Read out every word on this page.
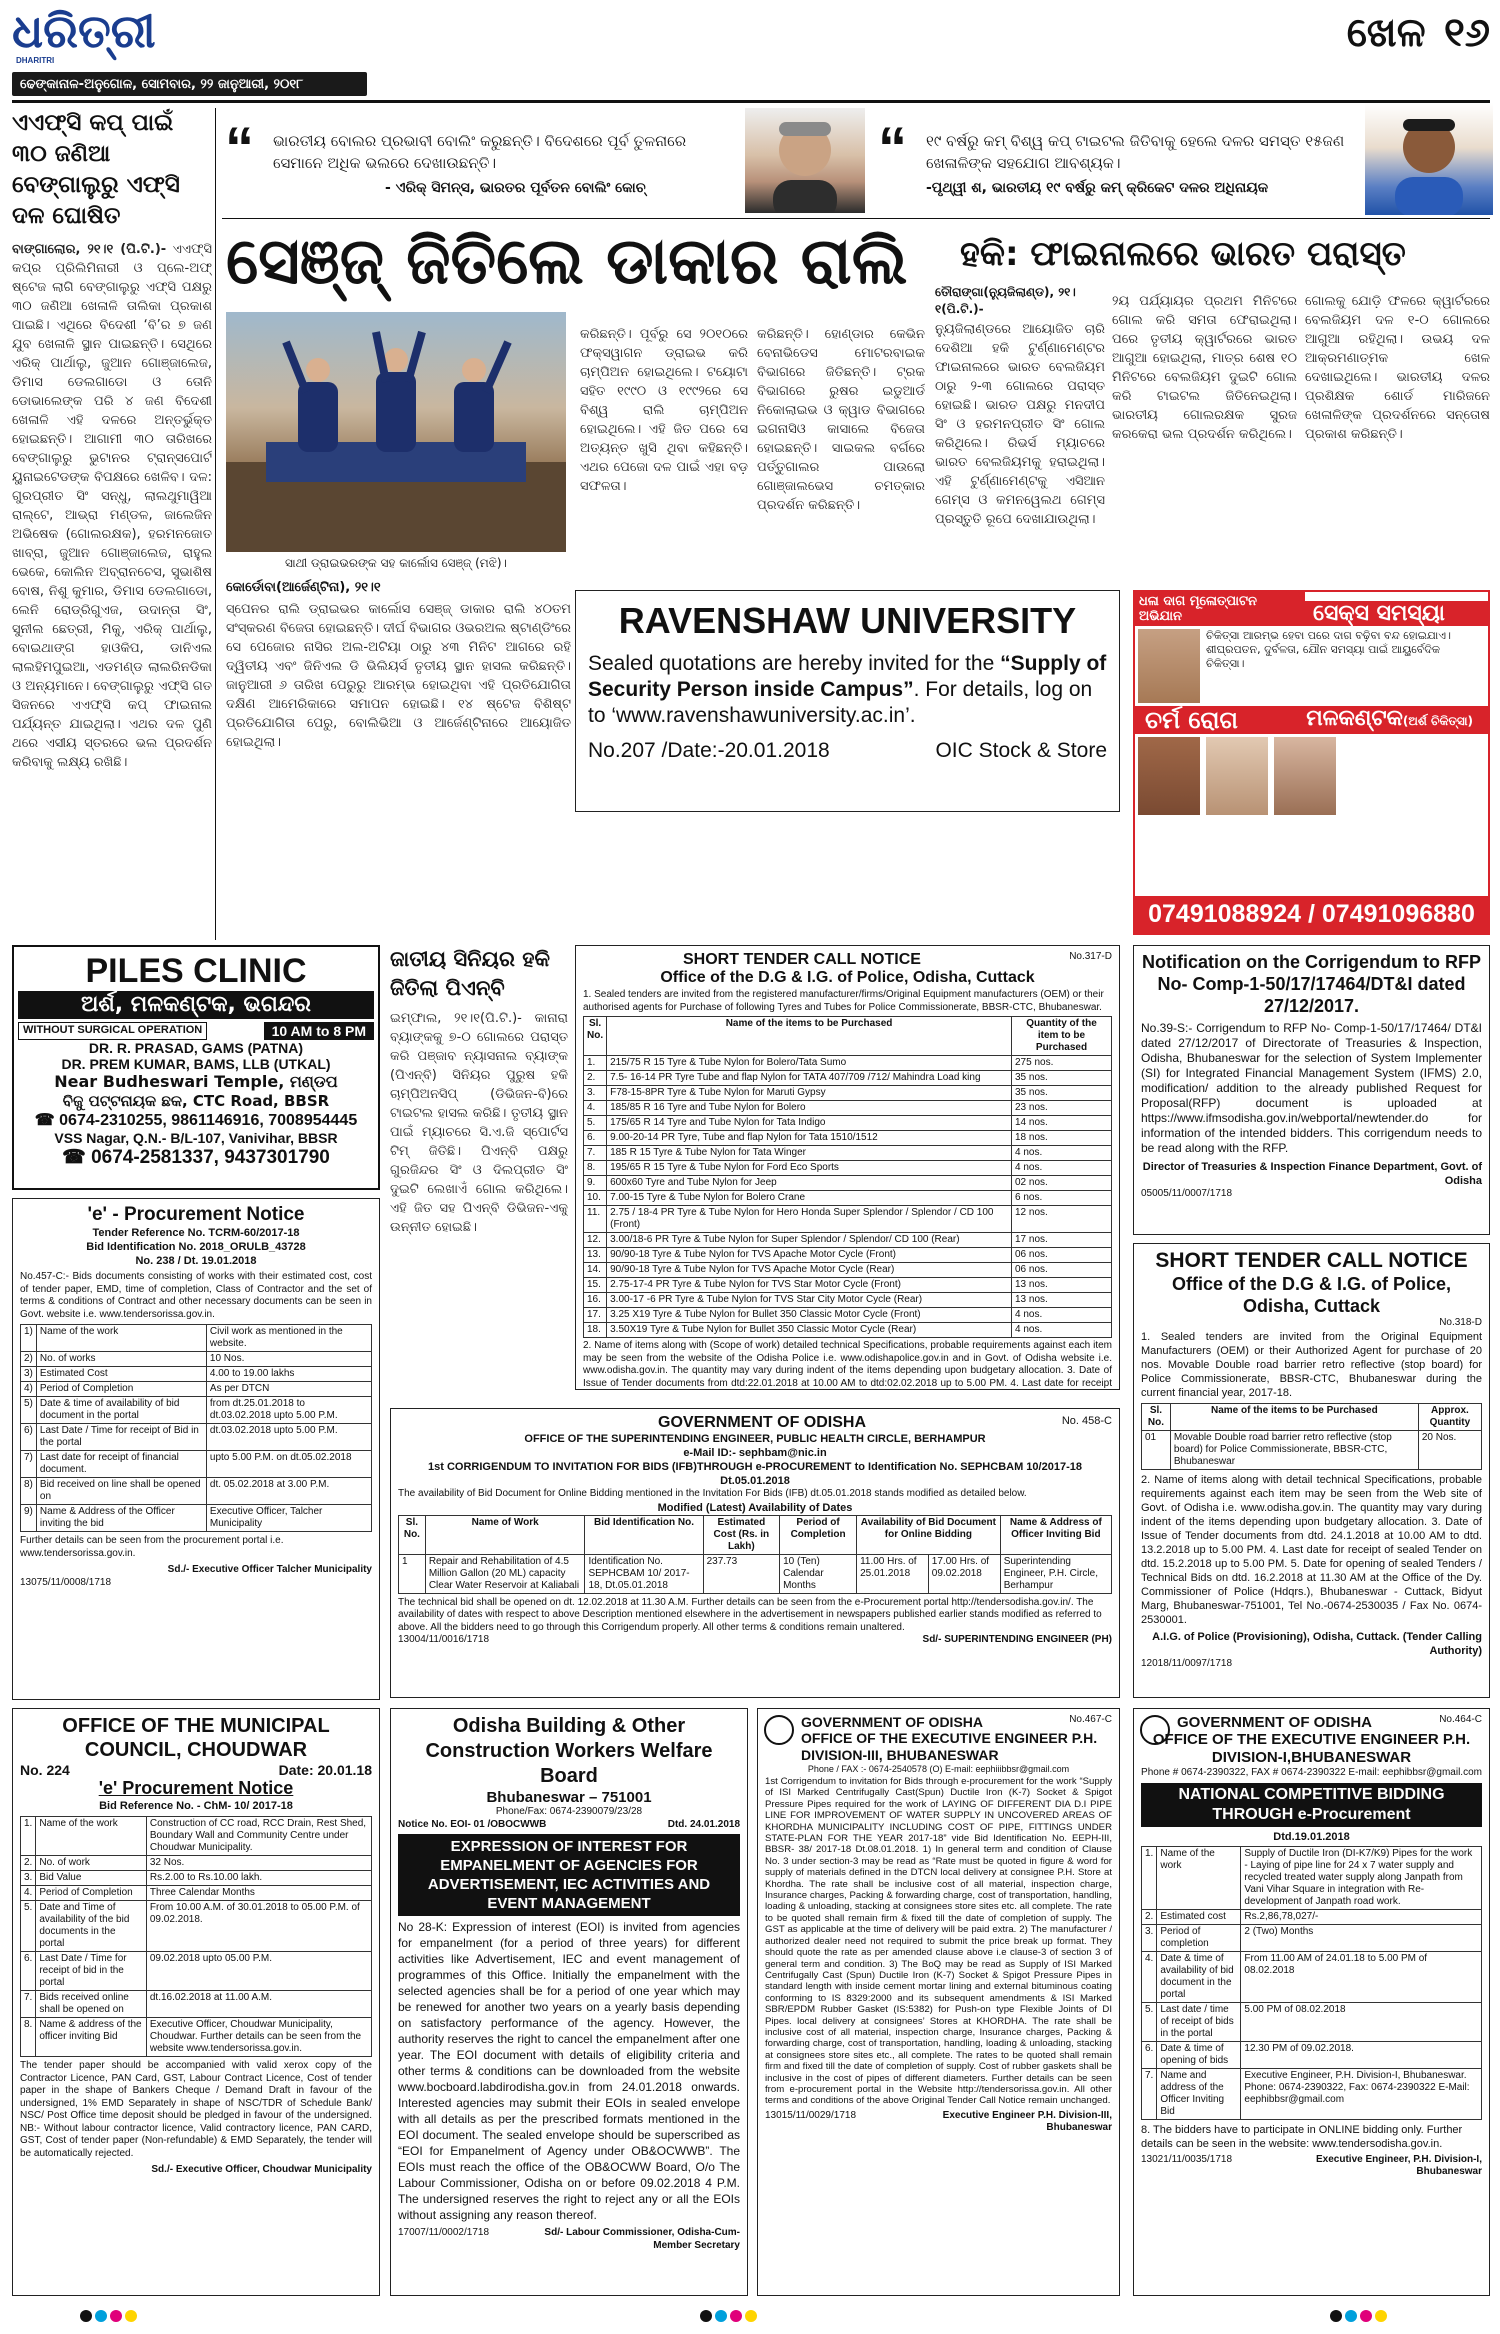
ଧରିତ୍ରୀ
DHARITRI
ଢେଙ୍କାନାଳ-ଅନୁଗୋଳ, ସୋମବାର, ୨୨ ଜାନୁଆରୀ, ୨୦୧୮
ଖେଳ ୧୬
“ ଭାରତୀୟ ବୋଲର ପ୍ରଭାବୀ ବୋଲିଂ କରୁଛନ୍ତି। ବିଦେଶରେ ପୂର୍ବ ତୁଳନାରେ ସେମାନେ ଅଧିକ ଭଲରେ ଦେଖାଉଛନ୍ତି।
- ଏରିକ୍ ସିମନ୍ସ, ଭାରତର ପୂର୍ବତନ ବୋଲିଂ କୋଚ୍
“ ୧୯ ବର୍ଷରୁ କମ୍ ବିଶ୍ୱ କପ୍ ଟାଇଟଲ ଜିତିବାକୁ ହେଲେ ଦଳର ସମସ୍ତ ୧୫ଜଣ ଖେଳାଳିଙ୍କ ସହଯୋଗ ଆବଶ୍ୟକ।
-ପୃଥ୍ୱୀ ଶ, ଭାରତୀୟ ୧୯ ବର୍ଷରୁ କମ୍ କ୍ରିକେଟ ଦଳର ଅଧିନାୟକ
ଏଏଫ୍‌ସି କପ୍ ପାଇଁ ୩୦ ଜଣିଆ ବେଙ୍ଗାଲୁରୁ ଏଫ୍‌ସି ଦଳ ଘୋଷିତ
ବାଙ୍ଗାଲୋର, ୨୧।୧ (ପି.ଟି.)- ଏଏଫ୍‌ସି କପ୍ର ପ୍ରିଲିମିନାରୀ ଓ ପ୍ଲେ-ଅଫ୍ ଷ୍ଟେଜ ଲାଗି ବେଙ୍ଗାଲୁରୁ ଏଫ୍‌ସି ପକ୍ଷରୁ ୩୦ ଜଣିଆ ଖେଳାଳି ତାଲିକା ପ୍ରକାଶ ପାଇଛି। ଏଥିରେ ବିଦେଶୀ ‘ବି’ର ୭ ଜଣ ଯୁବ ଖେଳାଳି ସ୍ଥାନ ପାଇଛନ୍ତି। ସେଥିରେ ଏରିକ୍ ପାର୍ଥାଲୁ, ଜୁଆନ ଗୋଞ୍ଜାଲେଜ, ଡିମାସ ଡେଲଗାଡୋ ଓ ତୋନି ଡୋଭାଲେଙ୍କ ପରି ୪ ଜଣ ବିଦେଶୀ ଖେଳାଳି ଏହି ଦଳରେ ଅନ୍ତର୍ଭୁକ୍ତ ହୋଇଛନ୍ତି। ଆଗାମୀ ୩୦ ତାରିଖରେ ବେଙ୍ଗାଲୁରୁ ଭୁଟାନର ଟ୍ରାନ୍ସପୋର୍ଟ ୟୁନାଇଟେଡଙ୍କ ବିପକ୍ଷରେ ଖେଳିବ। ଦଳ: ଗୁରପ୍ରୀତ ସିଂ ସନ୍ଧୁ, ଲାଲଥୁମାୱିଆ ରାଲ୍ଟେ, ଆଭ୍ରା ମଣ୍ଡଳ, ଜାଲେଜିନ ଅଭିଷେକ (ଗୋଲରକ୍ଷକ), ହରମନଜୋତ ଖାବ୍ରା, ଜୁଆନ ଗୋଞ୍ଜାଲେଜ, ରାହୁଲ ଭେକେ, କୋଲିନ ଅବ୍ରାନଚେସ, ସୁଭାଶିଷ ବୋଷ, ନିଶୁ କୁମାର, ଡିମାସ ଡେଲଗାଡୋ, ଲେନି ରୋଡ୍ରିଗୁଏଜ, ଉଦାନ୍ତା ସିଂ, ସୁନୀଲ ଛେତ୍ରୀ, ମିକୁ, ଏରିକ୍ ପାର୍ଥାଲୁ, ବୋଇଥାଙ୍ଗ ହାଓକିପ, ଡାନିଏଲ ଲାଲହିମପୁଇଆ, ଏଡମଣ୍ଡ ଲାଲରିନଡିକା ଓ ଅନ୍ୟମାନେ। ବେଙ୍ଗାଲୁରୁ ଏଫ୍‌ସି ଗତ ସିଜନରେ ଏଏଫ୍‌ସି କପ୍ ଫାଇନାଲ ପର୍ଯ୍ୟନ୍ତ ଯାଇଥିଲା। ଏଥର ଦଳ ପୁଣି ଥରେ ଏସୀୟ ସ୍ତରରେ ଭଲ ପ୍ରଦର୍ଶନ କରିବାକୁ ଲକ୍ଷ୍ୟ ରଖିଛି।
ସେଞ୍ଜ୍ ଜିତିଲେ ଡାକାର ରାଲି
ସାଥୀ ଡ୍ରାଇଭରଙ୍କ ସହ କାର୍ଲୋସ ସେଞ୍ଜ୍ (ମଝି)।
କୋର୍ଡୋବା(ଆର୍ଜେଣ୍ଟିନା), ୨୧।୧
ସ୍ପେନର ରାଲି ଡ୍ରାଇଭର କାର୍ଲୋସ ସେଞ୍ଜ୍ ଡାକାର ରାଲି ୪୦ତମ ସଂସ୍କରଣ ବିଜେତା ହୋଇଛନ୍ତି। ଦୀର୍ଘ ବିଭାଗର ଓଭରଅଲ ଷ୍ଟାଣ୍ଡିଂରେ ସେ ପେଜୋର ନାସିର ଅଲ-ଅଟିୟା ଠାରୁ ୪୩ ମିନିଟ ଆଗରେ ରହି ଦ୍ୱିତୀୟ ଏବଂ ଜିନିଏଲ ଡି ଭିଲିୟର୍ସ ତୃତୀୟ ସ୍ଥାନ ହାସଲ କରିଛନ୍ତି। ଜାନୁଆରୀ ୬ ତାରିଖ ପେରୁରୁ ଆରମ୍ଭ ହୋଇଥିବା ଏହି ପ୍ରତିଯୋଗିତା ଦକ୍ଷିଣ ଆମେରିକାରେ ସମାପନ ହୋଇଛି। ୧୪ ଷ୍ଟେଜ ବିଶିଷ୍ଟ ପ୍ରତିଯୋଗିତା ପେରୁ, ବୋଲିଭିଆ ଓ ଆର୍ଜେଣ୍ଟିନାରେ ଆୟୋଜିତ ହୋଇଥିଲା।
କରିଛନ୍ତି। ପୂର୍ବରୁ ସେ ୨୦୧୦ରେ ଫକ୍ସୱାଗନ ଡ୍ରାଇଭ କରି ଚାମ୍ପିଅନ ହୋଇଥିଲେ। ଟୟୋଟା ସହିତ ୧୯୯୦ ଓ ୧୯୯୨ରେ ସେ ବିଶ୍ୱ ରାଲି ଚାମ୍ପିଅନ ହୋଇଥିଲେ। ଏହି ଜିତ ପରେ ସେ ଅତ୍ୟନ୍ତ ଖୁସି ଥିବା କହିଛନ୍ତି। ଏଥର ପେଜୋ ଦଳ ପାଇଁ ଏହା ବଡ଼ ସଫଳତା।
କରିଛନ୍ତି। ହୋଣ୍ଡାର କେଭିନ ବେନାଭିଡେସ ମୋଟରବାଇକ ବିଭାଗରେ ଜିତିଛନ୍ତି। ଟ୍ରକ ବିଭାଗରେ ରୁଷର ଇଡୁଆର୍ଡ ନିକୋଲାଇଭ ଓ କ୍ୱାଡ ବିଭାଗରେ ଇଗନାସିଓ କାସାଲେ ବିଜେତା ହୋଇଛନ୍ତି। ସାଇକଲ ବର୍ଗରେ ପର୍ତ୍ତୁଗାଲର ପାଉଲୋ ଗୋଞ୍ଜାଲଭେସ ଚମତ୍କାର ପ୍ରଦର୍ଶନ କରିଛନ୍ତି।
ହକି: ଫାଇନାଲରେ ଭାରତ ପରାସ୍ତ
ତୌରାଙ୍ଗା(ନ୍ୟୁଜିଲାଣ୍ଡ), ୨୧।୧(ପି.ଟି.)-
ନ୍ୟୁଜିଲାଣ୍ଡରେ ଆୟୋଜିତ ଚାରି ଦେଶିଆ ହକି ଟୁର୍ଣ୍ଣାମେଣ୍ଟର ଫାଇନାଲରେ ଭାରତ ବେଲଜିୟମ ଠାରୁ ୨-୩ ଗୋଲରେ ପରାସ୍ତ ହୋଇଛି। ଭାରତ ପକ୍ଷରୁ ମନଦୀପ ସିଂ ଓ ହରମନପ୍ରୀତ ସିଂ ଗୋଲ କରିଥିଲେ। ରିଭର୍ସ ମ୍ୟାଚରେ ଭାରତ ବେଲଜିୟମକୁ ହରାଇଥିଲା। ଏହି ଟୁର୍ଣ୍ଣାମେଣ୍ଟକୁ ଏସିଆନ ଗେମ୍ସ ଓ କମନୱେଲଥ ଗେମ୍ସ ପ୍ରସ୍ତୁତି ରୂପେ ଦେଖାଯାଉଥିଲା।
୨ୟ ପର୍ଯ୍ୟାୟର ପ୍ରଥମ ମିନିଟରେ ଗୋଲ କରି ସମତା ଫେରାଇଥିଲା। ପରେ ତୃତୀୟ କ୍ୱାର୍ଟରରେ ଭାରତ ଆଗୁଆ ହୋଇଥିଲା, ମାତ୍ର ଶେଷ ୧୦ ମିନିଟରେ ବେଲଜିୟମ ଦୁଇଟି ଗୋଲ କରି ଟାଇଟଲ ଜିତିନେଇଥିଲା। ଭାରତୀୟ ଗୋଲରକ୍ଷକ ସୁରଜ କରକେରା ଭଲ ପ୍ରଦର୍ଶନ କରିଥିଲେ।
ଗୋଲକୁ ଯୋଡ଼ି ଫଳରେ କ୍ୱାର୍ଟରରେ ବେଲଜିୟମ ଦଳ ୧-୦ ଗୋଲରେ ଆଗୁଆ ରହିଥିଲା। ଉଭୟ ଦଳ ଆକ୍ରମଣାତ୍ମକ ଖେଳ ଦେଖାଇଥିଲେ। ଭାରତୀୟ ଦଳର ପ୍ରଶିକ୍ଷକ ଶୋର୍ଡ ମାରିଜନେ ଖେଳାଳିଙ୍କ ପ୍ରଦର୍ଶନରେ ସନ୍ତୋଷ ପ୍ରକାଶ କରିଛନ୍ତି।
RAVENSHAW UNIVERSITY
Sealed quotations are hereby invited for the “Supply of Security Person inside Campus”. For details, log on to ‘www.ravenshawuniversity.ac.in’.
No.207 /Date:-20.01.2018	OIC Stock & Store
ଧଳା ଦାଗ ମୂଳୋତ୍ପାଟନ ଅଭିଯାନ	ସେକ୍ସ ସମସ୍ୟା
ଚିକିତ୍ସା ଆରମ୍ଭ ହେବା ପରେ ଦାଗ ବଢ଼ିବା ବନ୍ଦ ହୋଇଯାଏ। ଶୀଘ୍ରପତନ, ଦୁର୍ବଳତା, ଯୌନ ସମସ୍ୟା ପାଇଁ ଆୟୁର୍ବେଦିକ ଚିକିତ୍ସା।
ଚର୍ମ ରୋଗ	ମଳକଣ୍ଟକ(ଅର୍ଶ ଚିକିତ୍ସା)
07491088924 / 07491096880
ଜାତୀୟ ସିନିୟର ହକି ଜିତିଲା ପିଏନ୍‌ବି
ଇମ୍ଫାଲ, ୨୧।୧(ପି.ଟି.)- କାନାରା ବ୍ୟାଙ୍କକୁ ୭-୦ ଗୋଲରେ ପରାସ୍ତ କରି ପଞ୍ଜାବ ନ୍ୟାସନାଲ ବ୍ୟାଙ୍କ (ପିଏନ୍‌ବି) ସିନିୟର ପୁରୁଷ ହକି ଚାମ୍ପିଅନସିପ୍ (ଡିଭିଜନ-ବି)ରେ ଟାଇଟଲ ହାସଲ କରିଛି। ତୃତୀୟ ସ୍ଥାନ ପାଇଁ ମ୍ୟାଚରେ ସି.ଏ.ଜି ସ୍ପୋର୍ଟସ ଟିମ୍ ଜିତିଛି। ପିଏନ୍‌ବି ପକ୍ଷରୁ ଗୁରଜିନ୍ଦର ସିଂ ଓ ଦିଲପ୍ରୀତ ସିଂ ଦୁଇଟି ଲେଖାଏଁ ଗୋଲ କରିଥିଲେ। ଏହି ଜିତ ସହ ପିଏନ୍‌ବି ଡିଭିଜନ-ଏକୁ ଉନ୍ନୀତ ହୋଇଛି।
PILES CLINIC
ଅର୍ଶ, ମଳକଣ୍ଟକ, ଭଗନ୍ଦର
WITHOUT SURGICAL OPERATION	10 AM to 8 PM
DR. R. PRASAD, GAMS (PATNA)
DR. PREM KUMAR, BAMS, LLB (UTKAL)
Near Budheswari Temple, ମଣ୍ଡପ
ବିଜୁ ପଟ୍ଟନାୟକ ଛକ, CTC Road, BBSR
☎ 0674-2310255, 9861146916, 7008954445
VSS Nagar, Q.N.- B/L-107, Vanivihar, BBSR
☎ 0674-2581337, 9437301790
'e' - Procurement Notice
Tender Reference No. TCRM-60/2017-18
Bid Identification No. 2018_ORULB_43728
No. 238 / Dt. 19.01.2018
No.457-C:- Bids documents consisting of works with their estimated cost, cost of tender paper, EMD, time of completion, Class of Contractor and the set of terms & conditions of Contract and other necessary documents can be seen in Govt. website i.e. www.tendersorissa.gov.in.
1)	Name of the work	Civil work as mentioned in the website.
2)	No. of works	10 Nos.
3)	Estimated Cost	4.00 to 19.00 lakhs
4)	Period of Completion	As per DTCN
5)	Date & time of availability of bid document in the portal	from dt.25.01.2018 to dt.03.02.2018 upto 5.00 P.M.
6)	Last Date / Time for receipt of Bid in the portal	dt.03.02.2018 upto 5.00 P.M.
7)	Last date for receipt of financial document.	upto 5.00 P.M. on dt.05.02.2018
8)	Bid received on line shall be opened on	dt. 05.02.2018 at 3.00 P.M.
9)	Name & Address of the Officer inviting the bid	Executive Officer, Talcher Municipality
Further details can be seen from the procurement portal i.e. www.tendersorissa.gov.in.
Sd./- Executive Officer Talcher Municipality
13075/11/0008/1718
OFFICE OF THE MUNICIPAL COUNCIL, CHOUDWAR
No. 224	Date: 20.01.18
'e' Procurement Notice
Bid Reference No. - ChM- 10/ 2017-18
1.	Name of the work	Construction of CC road, RCC Drain, Rest Shed, Boundary Wall and Community Centre under Choudwar Municipality.
2.	No. of work	32 Nos.
3.	Bid Value	Rs.2.00 to Rs.10.00 lakh.
4.	Period of Completion	Three Calendar Months
5.	Date and Time of availability of the bid documents in the portal	From 10.00 A.M. of 30.01.2018 to 05.00 P.M. of 09.02.2018.
6.	Last Date / Time for receipt of bid in the portal	09.02.2018 upto 05.00 P.M.
7.	Bids received online shall be opened on	dt.16.02.2018 at 11.00 A.M.
8.	Name & address of the officer inviting Bid	Executive Officer, Choudwar Municipality, Choudwar. Further details can be seen from the website www.tendersorissa.gov.in.
The tender paper should be accompanied with valid xerox copy of the Contractor Licence, PAN Card, GST, Labour Contract Licence, Cost of tender paper in the shape of Bankers Cheque / Demand Draft in favour of the undersigned, 1% EMD Separately in shape of NSC/TDR of Schedule Bank/ NSC/ Post Office time deposit should be pledged in favour of the undersigned. NB:- Without labour contractor licence, Valid contractory licence, PAN CARD, GST, Cost of tender paper (Non-refundable) & EMD Separately, the tender will be automatically rejected.
Sd./- Executive Officer, Choudwar Municipality
SHORT TENDER CALL NOTICE	No.317-D
Office of the D.G & I.G. of Police, Odisha, Cuttack
1. Sealed tenders are invited from the registered manufacturer/firms/Original Equipment manufacturers (OEM) or their authorised agents for Purchase of following Tyres and Tubes for Police Commissionerate, BBSR-CTC, Bhubaneswar.
Sl. No.	Name of the items to be Purchased	Quantity of the item to be Purchased
1.	215/75 R 15 Tyre & Tube Nylon for Bolero/Tata Sumo	275 nos.
2.	7.5- 16-14 PR Tyre Tube and flap Nylon for TATA 407/709 /712/ Mahindra Load king	35 nos.
3.	F78-15-8PR Tyre & Tube Nylon for Maruti Gypsy	35 nos.
4.	185/85 R 16 Tyre and Tube Nylon for Bolero	23 nos.
5.	175/65 R 14 Tyre and Tube Nylon for Tata Indigo	14 nos.
6.	9.00-20-14 PR Tyre, Tube and flap Nylon for Tata 1510/1512	18 nos.
7.	185 R 15 Tyre & Tube Nylon for Tata Winger	4 nos.
8.	195/65 R 15 Tyre & Tube Nylon for Ford Eco Sports	4 nos.
9.	600x60 Tyre and Tube Nylon for Jeep	02 nos.
10.	7.00-15 Tyre & Tube Nylon for Bolero Crane	6 nos.
11.	2.75 / 18-4 PR Tyre & Tube Nylon for Hero Honda Super Splendor / Splendor / CD 100 (Front)	12 nos.
12.	3.00/18-6 PR Tyre & Tube Nylon for Super Splendor / Splendor/ CD 100 (Rear)	17 nos.
13.	90/90-18 Tyre & Tube Nylon for TVS Apache Motor Cycle (Front)	06 nos.
14.	90/90-18 Tyre & Tube Nylon for TVS Apache Motor Cycle (Rear)	06 nos.
15.	2.75-17-4 PR Tyre & Tube Nylon for TVS Star Motor Cycle (Front)	13 nos.
16.	3.00-17 -6 PR Tyre & Tube Nylon for TVS Star City Motor Cycle (Rear)	13 nos.
17.	3.25 X19 Tyre & Tube Nylon for Bullet 350 Classic Motor Cycle (Front)	4 nos.
18.	3.50X19 Tyre & Tube Nylon for Bullet 350 Classic Motor Cycle (Rear)	4 nos.
2. Name of items along with (Scope of work) detailed technical Specifications, probable requirements against each item may be seen from the website of the Odisha Police i.e. www.odishapolice.gov.in and in Govt. of Odisha website i.e. www.odisha.gov.in. The quantity may vary during indent of the items depending upon budgetary allocation. 3. Date of Issue of Tender documents from dtd:22.01.2018 at 10.00 AM to dtd:02.02.2018 up to 5.00 PM. 4. Last date for receipt
Notification on the Corrigendum to RFP No- Comp-1-50/17/17464/DT&I dated 27/12/2017.
No.39-S:- Corrigendum to RFP No- Comp-1-50/17/17464/ DT&I dated 27/12/2017 of Directorate of Treasuries & Inspection, Odisha, Bhubaneswar for the selection of System Implementer (SI) for Integrated Financial Management System (IFMS) 2.0, modification/ addition to the already published Request for Proposal(RFP) document is uploaded at https://www.ifmsodisha.gov.in/webportal/newtender.do for information of the intended bidders. This corrigendum needs to be read along with the RFP.
Director of Treasuries & Inspection Finance Department, Govt. of Odisha
05005/11/0007/1718
SHORT TENDER CALL NOTICE
Office of the D.G & I.G. of Police, Odisha, Cuttack
No.318-D
1. Sealed tenders are invited from the Original Equipment Manufacturers (OEM) or their Authorized Agent for purchase of 20 nos. Movable Double road barrier retro reflective (stop board) for Police Commissionerate, BBSR-CTC, Bhubaneswar during the current financial year, 2017-18.
Sl. No.	Name of the items to be Purchased	Approx. Quantity
01	Movable Double road barrier retro reflective (stop board) for Police Commissionerate, BBSR-CTC, Bhubaneswar	20 Nos.
2. Name of items along with detail technical Specifications, probable requirements against each item may be seen from the Web site of Govt. of Odisha i.e. www.odisha.gov.in. The quantity may vary during indent of the items depending upon budgetary allocation. 3. Date of Issue of Tender documents from dtd. 24.1.2018 at 10.00 AM to dtd. 13.2.2018 up to 5.00 PM. 4. Last date for receipt of sealed Tender on dtd. 15.2.2018 up to 5.00 PM. 5. Date for opening of sealed Tenders / Technical Bids on dtd. 16.2.2018 at 11.30 AM at the Office of the Dy. Commissioner of Police (Hdqrs.), Bhubaneswar - Cuttack, Bidyut Marg, Bhubaneswar-751001, Tel No.-0674-2530035 / Fax No. 0674-2530001.
A.I.G. of Police (Provisioning), Odisha, Cuttack. (Tender Calling Authority)
12018/11/0097/1718
GOVERNMENT OF ODISHA	No. 458-C
OFFICE OF THE SUPERINTENDING ENGINEER, PUBLIC HEALTH CIRCLE, BERHAMPUR
e-Mail ID:- sephbam@nic.in
1st CORRIGENDUM TO INVITATION FOR BIDS (IFB)THROUGH e-PROCUREMENT to Identification No. SEPHCBAM 10/2017-18 Dt.05.01.2018
The availability of Bid Document for Online Bidding mentioned in the Invitation For Bids (IFB) dt.05.01.2018 stands modified as detailed below.
Modified (Latest) Availability of Dates
Sl. No.	Name of Work	Bid Identification No.	Estimated Cost (Rs. in Lakh)	Period of Completion	Availability of Bid Document for Online Bidding		Name & Address of Officer Inviting Bid
1	Repair and Rehabilitation of 4.5 Million Gallon (20 ML) capacity Clear Water Reservoir at Kaliabali	Identification No. SEPHCBAM 10/ 2017-18, Dt.05.01.2018	237.73	10 (Ten) Calendar Months	11.00 Hrs. of 25.01.2018	17.00 Hrs. of 09.02.2018	Superintending Engineer, P.H. Circle, Berhampur
The technical bid shall be opened on dt. 12.02.2018 at 11.30 A.M. Further details can be seen from the e-Procurement portal http://tendersodisha.gov.in/. The availability of dates with respect to above Description mentioned elsewhere in the advertisement in newspapers published earlier stands modified as referred to above. All the bidders need to go through this Corrigendum properly. All other terms & conditions remain unaltered.
13004/11/0016/1718	Sd/- SUPERINTENDING ENGINEER (PH)
Odisha Building & Other Construction Workers Welfare Board
Bhubaneswar – 751001
Phone/Fax: 0674-2390079/23/28
Notice No. EOI- 01 /OBOCWWB	Dtd. 24.01.2018
EXPRESSION OF INTEREST FOR EMPANELMENT OF AGENCIES FOR ADVERTISEMENT, IEC ACTIVITIES AND EVENT MANAGEMENT
No 28-K: Expression of interest (EOI) is invited from agencies for empanelment (for a period of three years) for different activities like Advertisement, IEC and event management of programmes of this Office. Initially the empanelment with the selected agencies shall be for a period of one year which may be renewed for another two years on a yearly basis depending on satisfactory performance of the agency. However, the authority reserves the right to cancel the empanelment after one year. The EOI document with details of eligibility criteria and other terms & conditions can be downloaded from the website www.bocboard.labdirodisha.gov.in from 24.01.2018 onwards. Interested agencies may submit their EOIs in sealed envelope with all details as per the prescribed formats mentioned in the EOI document. The sealed envelope should be superscribed as “EOI for Empanelment of Agency under OB&OCWWB”. The EOIs must reach the office of the OB&OCWW Board, O/o The Labour Commissioner, Odisha on or before 09.02.2018 4 P.M. The undersigned reserves the right to reject any or all the EOIs without assigning any reason thereof.
17007/11/0002/1718	Sd/- Labour Commissioner, Odisha-Cum-Member Secretary
GOVERNMENT OF ODISHA	No.467-C
OFFICE OF THE EXECUTIVE ENGINEER P.H. DIVISION-III, BHUBANESWAR
Phone / FAX :- 0674-2540578 (O) E-mail: eephiiibbsr@gmail.com
1st Corrigendum to invitation for Bids through e-procurement for the work “Supply of ISI Marked Centrifugally Cast(Spun) Ductile Iron (K-7) Socket & Spigot Pressure Pipes required for the work of LAYING OF DIFFERENT DIA D.I PIPE LINE FOR IMPROVEMENT OF WATER SUPPLY IN UNCOVERED AREAS OF KHORDHA MUNICIPALITY INCLUDING COST OF PIPE, FITTINGS UNDER STATE-PLAN FOR THE YEAR 2017-18” vide Bid Identification No. EEPH-III, BBSR- 38/ 2017-18 Dt.08.01.2018. 1) In general term and condition of Clause No. 3 under section-3 may be read as “Rate must be quoted in figure & word for supply of materials defined in the DTCN local delivery at consignee P.H. Store at Khordha. The rate shall be inclusive cost of all material, inspection charge, Insurance charges, Packing & forwarding charge, cost of transportation, handling, loading & unloading, stacking at consignees store sites etc. all complete. The rate to be quoted shall remain firm & fixed till the date of completion of supply. The GST as applicable at the time of delivery will be paid extra. 2) The manufacturer / authorized dealer need not required to submit the price break up format. They should quote the rate as per amended clause above i.e clause-3 of section 3 of general term and condition. 3) The BoQ may be read as Supply of ISI Marked Centrifugally Cast (Spun) Ductile Iron (K-7) Socket & Spigot Pressure Pipes in standard length with inside cement mortar lining and external bituminous coating conforming to IS 8329:2000 and its subsequent amendments & ISI Marked SBR/EPDM Rubber Gasket (IS:5382) for Push-on type Flexible Joints of DI Pipes. local delivery at consignees’ Stores at KHORDHA. The rate shall be inclusive cost of all material, inspection charge, Insurance charges, Packing & forwarding charge, cost of transportation, handling, loading & unloading, stacking at consignees store sites etc., all complete. The rates to be quoted shall remain firm and fixed till the date of completion of supply. Cost of rubber gaskets shall be inclusive in the cost of pipes of different diameters. Further details can be seen from e-procurement portal in the Website http://tendersorissa.gov.in. All other terms and conditions of the above Original Tender Call Notice remain unchanged.
13015/11/0029/1718	Executive Engineer P.H. Division-III, Bhubaneswar
GOVERNMENT OF ODISHA	No.464-C
OFFICE OF THE EXECUTIVE ENGINEER P.H. DIVISION-I,BHUBANESWAR
Phone # 0674-2390322, FAX # 0674-2390322 E-mail: eephibbsr@gmail.com
NATIONAL COMPETITIVE BIDDING THROUGH e-Procurement
Dtd.19.01.2018
1.	Name of the work	Supply of Ductile Iron (DI-K7/K9) Pipes for the work - Laying of pipe line for 24 x 7 water supply and recycled treated water supply along Janpath from Vani Vihar Square in integration with Re-development of Janpath road work.
2.	Estimated cost	Rs.2,86,78,027/-
3.	Period of completion	2 (Two) Months
4.	Date & time of availability of bid document in the portal	From 11.00 AM of 24.01.18 to 5.00 PM of 08.02.2018
5.	Last date / time of receipt of bids in the portal	5.00 PM of 08.02.2018
6.	Date & time of opening of bids	12.30 PM of 09.02.2018.
7.	Name and address of the Officer Inviting Bid	Executive Engineer, P.H. Division-I, Bhubaneswar. Phone: 0674-2390322, Fax: 0674-2390322 E-Mail: eephibbsr@gmail.com
8. The bidders have to participate in ONLINE bidding only. Further details can be seen in the website: www.tendersodisha.gov.in.
13021/11/0035/1718	Executive Engineer, P.H. Division-I, Bhubaneswar
